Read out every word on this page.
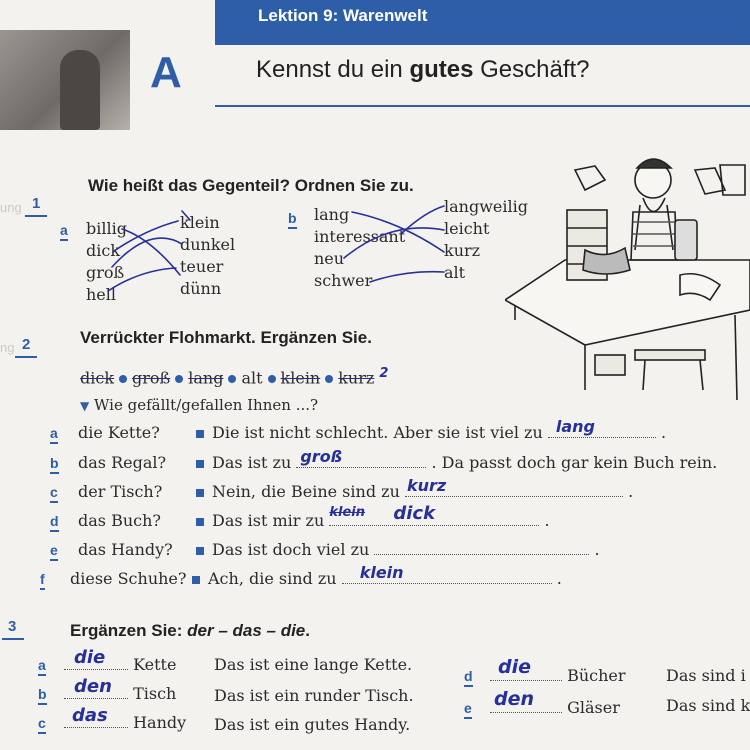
Lektion 9: Warenwelt
A	Kennst du ein gutes Geschäft?
ung 1
Wie heißt das Gegenteil? Ordnen Sie zu.
a billig
dick
groß
hell
klein
dunkel
teuer
dünn
b lang
interessant
neu
schwer
langweilig
leicht
kurz
alt
ng 2	Verrückter Flohmarkt. Ergänzen Sie.
dick groß lang alt klein kurz $^2$
▼ Wie gefällt/gefallen Ihnen ...?
a die Kette?	Die ist nicht schlecht. Aber sie ist viel zu lang	.
b das Regal?	Das ist zu groß	. Da passt doch gar kein Buch rein.
c der Tisch?	Nein, die Beine sind zu kurz	.
d das Buch?	Das ist mir zu klein dick	.
e das Handy?	Das ist doch viel zu	.
f diese Schuhe?	Ach, die sind zu klein	.
3	Ergänzen Sie: der – das – die.
a die Kette Das ist eine lange Kette.
b den Tisch Das ist ein runder Tisch.
c das Handy Das ist ein gutes Handy.
d die Bücher	Das sind i
e den Gläser	Das sind k
